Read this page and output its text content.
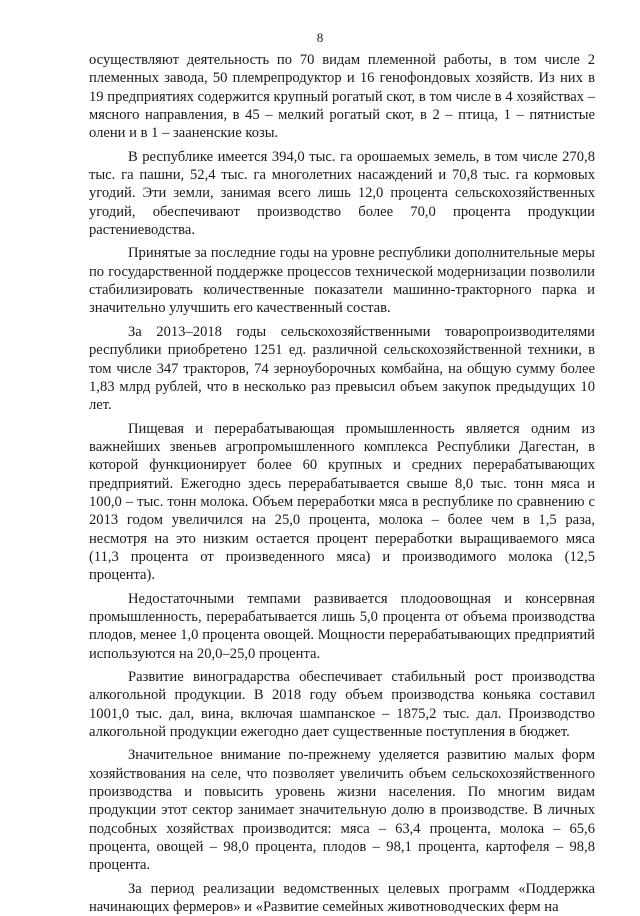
8

осуществляют деятельность по 70 видам племенной работы, в том числе 2 племенных завода, 50 племрепродуктор и 16 генофондовых хозяйств. Из них в 19 предприятиях содержится крупный рогатый скот, в том числе в 4 хозяйствах – мясного направления, в 45 – мелкий рогатый скот, в 2 – птица, 1 – пятнистые олени и в 1 – зааненские козы.

В республике имеется 394,0 тыс. га орошаемых земель, в том числе 270,8 тыс. га пашни, 52,4 тыс. га многолетних насаждений и 70,8 тыс. га кормовых угодий. Эти земли, занимая всего лишь 12,0 процента сельскохозяйственных угодий, обеспечивают производство более 70,0 процента продукции растениеводства.

Принятые за последние годы на уровне республики дополнительные меры по государственной поддержке процессов технической модернизации позволили стабилизировать количественные показатели машинно-тракторного парка и значительно улучшить его качественный состав.

За 2013–2018 годы сельскохозяйственными товаропроизводителями республики приобретено 1251 ед. различной сельскохозяйственной техники, в том числе 347 тракторов, 74 зерноуборочных комбайна, на общую сумму более 1,83 млрд рублей, что в несколько раз превысил объем закупок предыдущих 10 лет.

Пищевая и перерабатывающая промышленность является одним из важнейших звеньев агропромышленного комплекса Республики Дагестан, в которой функционирует более 60 крупных и средних перерабатывающих предприятий. Ежегодно здесь перерабатывается свыше 8,0 тыс. тонн мяса и 100,0 – тыс. тонн молока. Объем переработки мяса в республике по сравнению с 2013 годом увеличился на 25,0 процента, молока – более чем в 1,5 раза, несмотря на это низким остается процент переработки выращиваемого мяса (11,3 процента от произведенного мяса) и производимого молока (12,5 процента).

Недостаточными темпами развивается плодоовощная и консервная промышленность, перерабатывается лишь 5,0 процента от объема производства плодов, менее 1,0 процента овощей. Мощности перерабатывающих предприятий используются на 20,0–25,0 процента.

Развитие виноградарства обеспечивает стабильный рост производства алкогольной продукции. В 2018 году объем производства коньяка составил 1001,0 тыс. дал, вина, включая шампанское – 1875,2 тыс. дал. Производство алкогольной продукции ежегодно дает существенные поступления в бюджет.

Значительное внимание по-прежнему уделяется развитию малых форм хозяйствования на селе, что позволяет увеличить объем сельскохозяйственного производства и повысить уровень жизни населения. По многим видам продукции этот сектор занимает значительную долю в производстве. В личных подсобных хозяйствах производится: мяса – 63,4 процента, молока – 65,6 процента, овощей – 98,0 процента, плодов – 98,1 процента, картофеля – 98,8 процента.

За период реализации ведомственных целевых программ «Поддержка начинающих фермеров» и «Развитие семейных животноводческих ферм на
